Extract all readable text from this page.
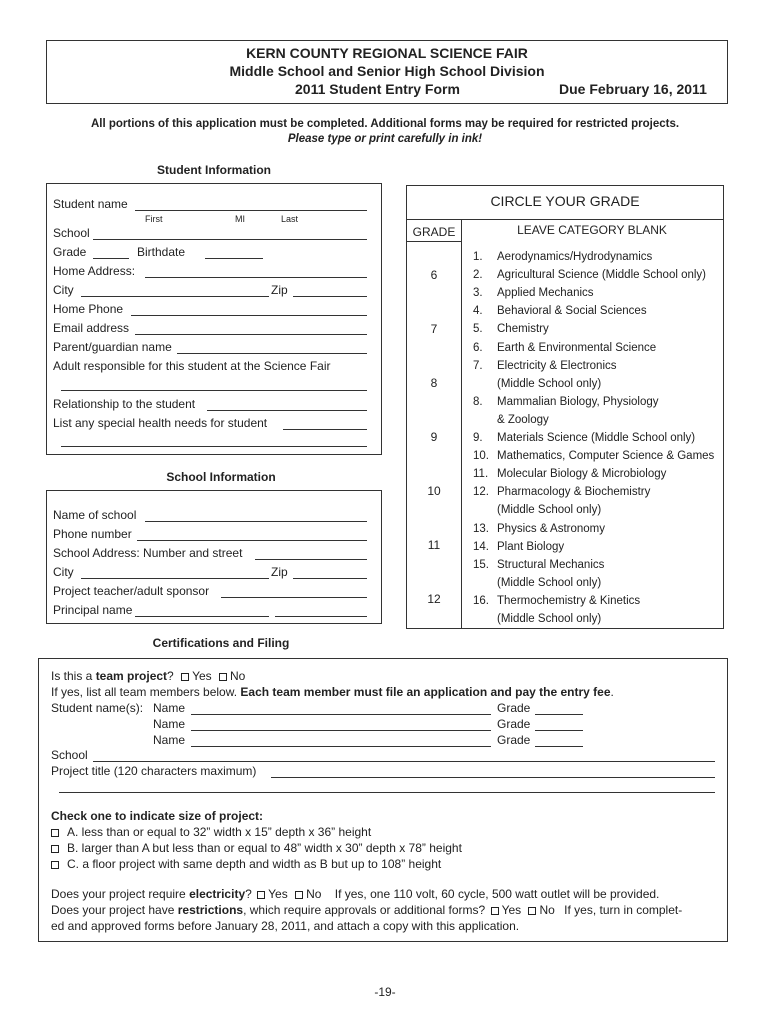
KERN COUNTY REGIONAL SCIENCE FAIR
Middle School and Senior High School Division
2011 Student Entry Form	Due February 16, 2011
All portions of this application must be completed. Additional forms may be required for restricted projects.
Please type or print carefully in ink!
Student Information
Student name
First	MI	Last
School
Grade	Birthdate
Home Address:
City	Zip
Home Phone
Email address
Parent/guardian name
Adult responsible for this student at the Science Fair
Relationship to the student
List any special health needs for student
School Information
Name of school
Phone number
School Address: Number and street
City	Zip
Project teacher/adult sponsor
Principal name
CIRCLE YOUR GRADE
GRADE	LEAVE CATEGORY BLANK
6
7
8
9
10
11
12
1. Aerodynamics/Hydrodynamics
2. Agricultural Science (Middle School only)
3. Applied Mechanics
4. Behavioral & Social Sciences
5. Chemistry
6. Earth & Environmental Science
7. Electricity & Electronics
(Middle School only)
8. Mammalian Biology, Physiology
& Zoology
9. Materials Science (Middle School only)
10. Mathematics, Computer Science & Games
11. Molecular Biology & Microbiology
12. Pharmacology & Biochemistry
(Middle School only)
13. Physics & Astronomy
14. Plant Biology
15. Structural Mechanics
(Middle School only)
16. Thermochemistry & Kinetics
(Middle School only)
Certifications and Filing
Is this a team project? Yes No
If yes, list all team members below. Each team member must file an application and pay the entry fee.
Student name(s): Name	Grade
Name	Grade
Name	Grade
School
Project title (120 characters maximum)
Check one to indicate size of project:
A. less than or equal to 32” width x 15” depth x 36” height
B. larger than A but less than or equal to 48” width x 30” depth x 78” height
C. a floor project with same depth and width as B but up to 108” height
Does your project require electricity? Yes No If yes, one 110 volt, 60 cycle, 500 watt outlet will be provided.
Does your project have restrictions, which require approvals or additional forms? Yes No If yes, turn in complet-
ed and approved forms before January 28, 2011, and attach a copy with this application.
-19-
